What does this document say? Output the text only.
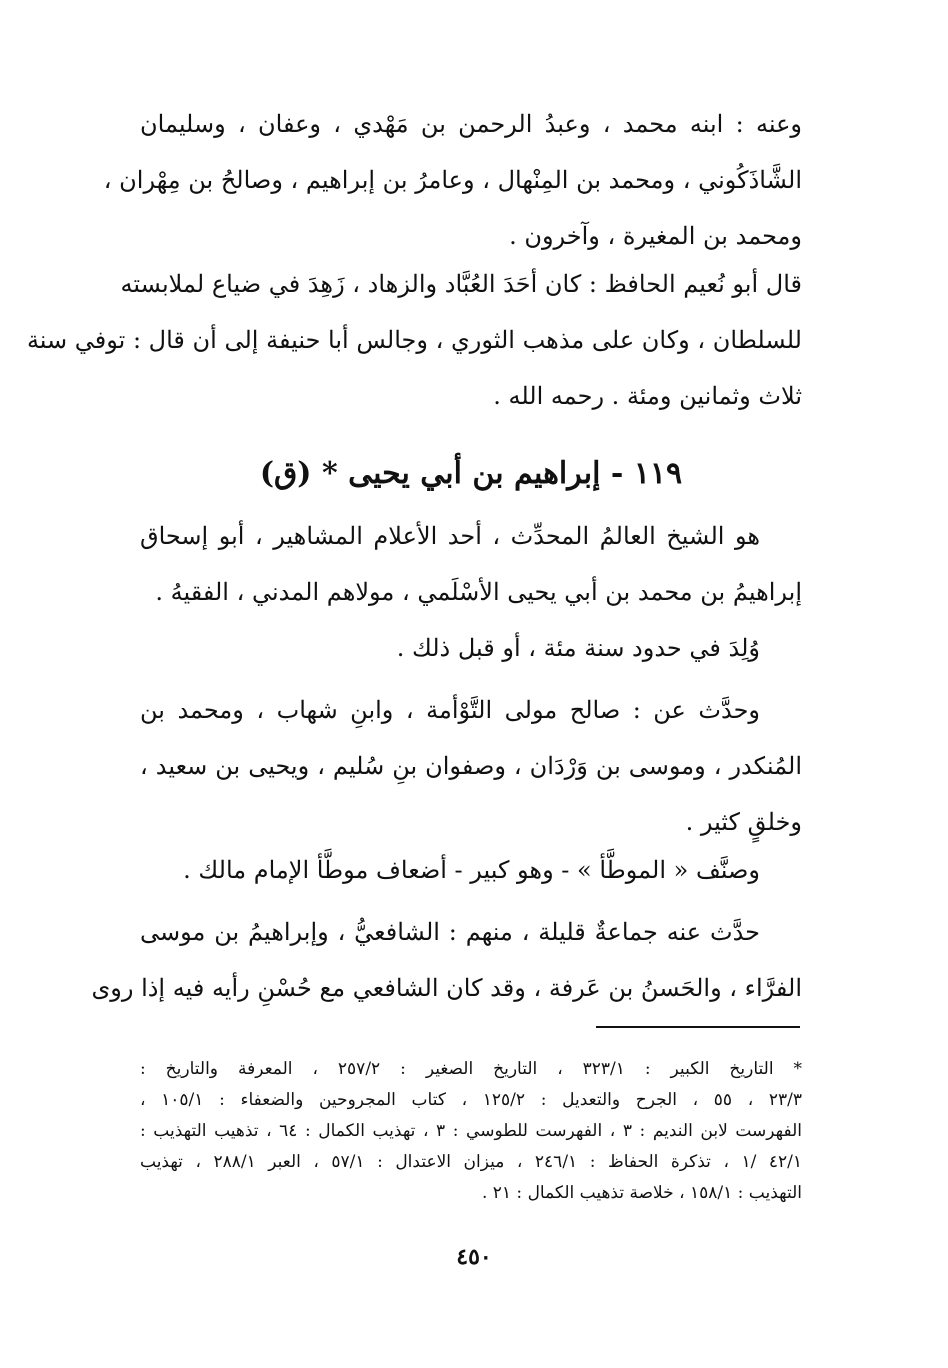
وعنه : ابنه محمد ، وعبدُ الرحمن بن مَهْدي ، وعفان ، وسليمان
الشَّاذَكُوني ، ومحمد بن المِنْهال ، وعامرُ بن إبراهيم ، وصالحُ بن مِهْران ،
ومحمد بن المغيرة ، وآخرون .
قال أبو نُعيم الحافظ : كان أحَدَ العُبَّاد والزهاد ، زَهِدَ في ضياع لملابسته
للسلطان ، وكان على مذهب الثوري ، وجالس أبا حنيفة إلى أن قال : توفي سنة
ثلاث وثمانين ومئة . رحمه الله .
١١٩ - إبراهيم بن أبي يحيى * (ق)
هو الشيخ العالمُ المحدِّث ، أحد الأعلام المشاهير ، أبو إسحاق
إبراهيمُ بن محمد بن أبي يحيى الأسْلَمي ، مولاهم المدني ، الفقيهُ .
وُلِدَ في حدود سنة مئة ، أو قبل ذلك .
وحدَّث عن : صالح مولى التَّوْأمة ، وابنِ شهاب ، ومحمد بن
المُنكدر ، وموسى بن وَرْدَان ، وصفوان بنِ سُليم ، ويحيى بن سعيد ،
وخلقٍ كثير .
وصنَّف « الموطَّأ » - وهو كبير - أضعاف موطَّأ الإمام مالك .
حدَّث عنه جماعةٌ قليلة ، منهم : الشافعيُّ ، وإبراهيمُ بن موسى
الفرَّاء ، والحَسنُ بن عَرفة ، وقد كان الشافعي مع حُسْنِ رأيه فيه إذا روى
* التاريخ الكبير : ٣٢٣/١ ، التاريخ الصغير : ٢٥٧/٢ ، المعرفة والتاريخ :
٢٣/٣ ، ٥٥ ، الجرح والتعديل : ١٢٥/٢ ، كتاب المجروحين والضعفاء : ١٠٥/١ ،
الفهرست لابن النديم : ٣ ، الفهرست للطوسي : ٣ ، تهذيب الكمال : ٦٤ ، تذهيب التهذيب :
٤٢/١ /١ ، تذكرة الحفاظ : ٢٤٦/١ ، ميزان الاعتدال : ٥٧/١ ، العبر ٢٨٨/١ ، تهذيب
التهذيب : ١٥٨/١ ، خلاصة تذهيب الكمال : ٢١ .
٤٥٠
